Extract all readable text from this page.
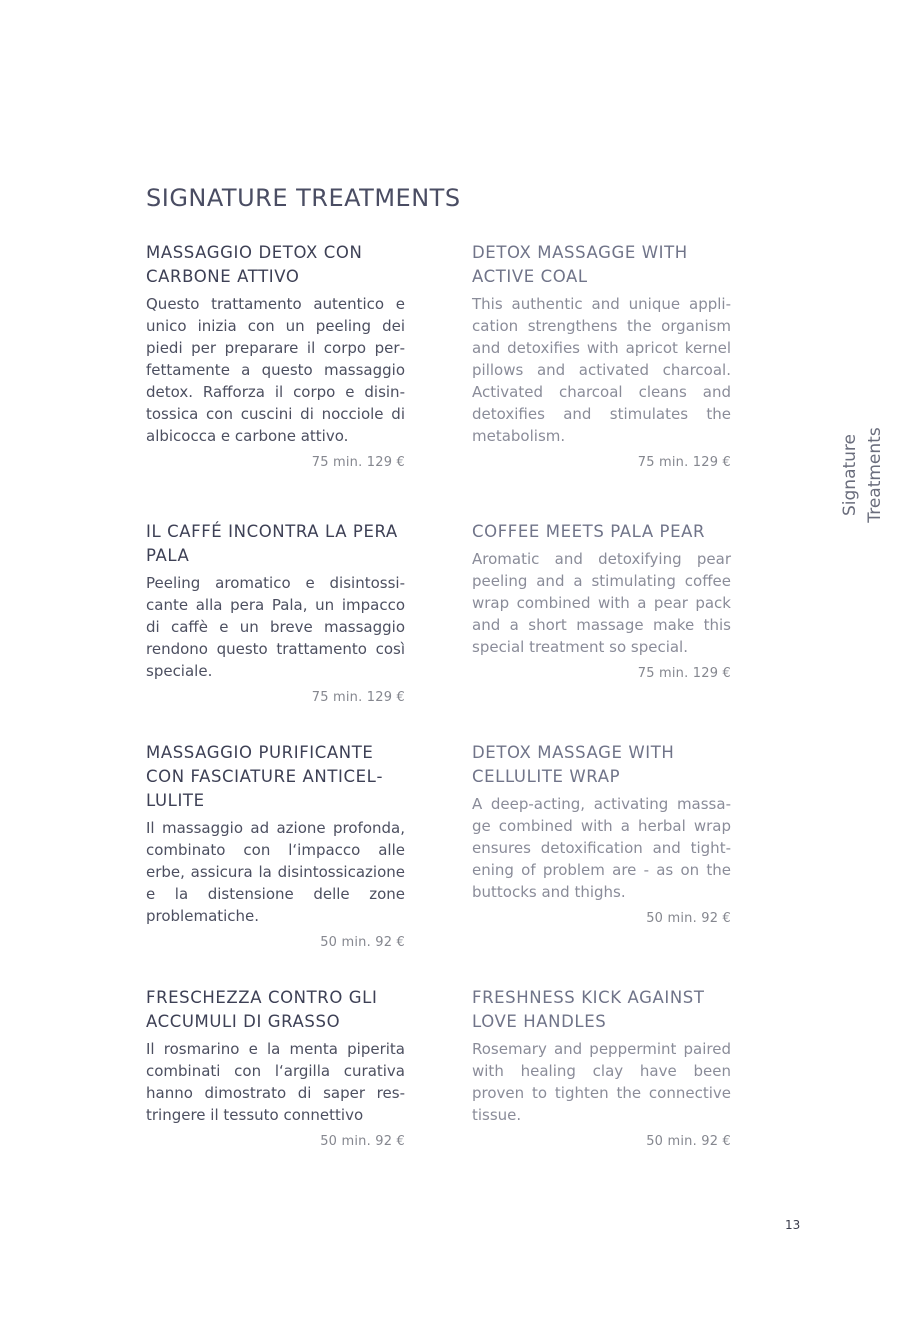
SIGNATURE TREATMENTS
MASSAGGIO DETOX CON CARBONE ATTIVO

Questo trattamento autentico e unico inizia con un peeling dei piedi per preparare il corpo perfettamente a questo massaggio detox. Rafforza il corpo e disintossica con cuscini di nocciole di albicocca e carbone attivo.

75 min. 129 €
DETOX MASSAGGE WITH ACTIVE COAL

This authentic and unique application strengthens the organism and detoxifies with apricot kernel pillows and activated charcoal. Activated charcoal cleans and detoxifies and stimulates the metabolism.

75 min. 129 €
IL CAFFÉ INCONTRA LA PERA PALA

Peeling aromatico e disintossicante alla pera Pala, un impacco di caffè e un breve massaggio rendono questo trattamento così speciale.

75 min. 129 €
COFFEE MEETS PALA PEAR

Aromatic and detoxifying pear peeling and a stimulating coffee wrap combined with a pear pack and a short massage make this special treatment so special.

75 min. 129 €
MASSAGGIO PURIFICANTE CON FASCIATURE ANTICELLULITE

Il massaggio ad azione profonda, combinato con l‘impacco alle erbe, assicura la disintossicazione e la distensione delle zone problematiche.

50 min. 92 €
DETOX MASSAGE WITH CELLULITE WRAP

A deep-acting, activating massage combined with a herbal wrap ensures detoxification and tightening of problem are - as on the buttocks and thighs.

50 min. 92 €
FRESCHEZZA CONTRO GLI ACCUMULI DI GRASSO

Il rosmarino e la menta piperita combinati con l‘argilla curativa hanno dimostrato di saper restringere il tessuto connettivo

50 min. 92 €
FRESHNESS KICK AGAINST LOVE HANDLES

Rosemary and peppermint paired with healing clay have been proven to tighten the connective tissue.

50 min. 92 €
Signature Treatments
13
